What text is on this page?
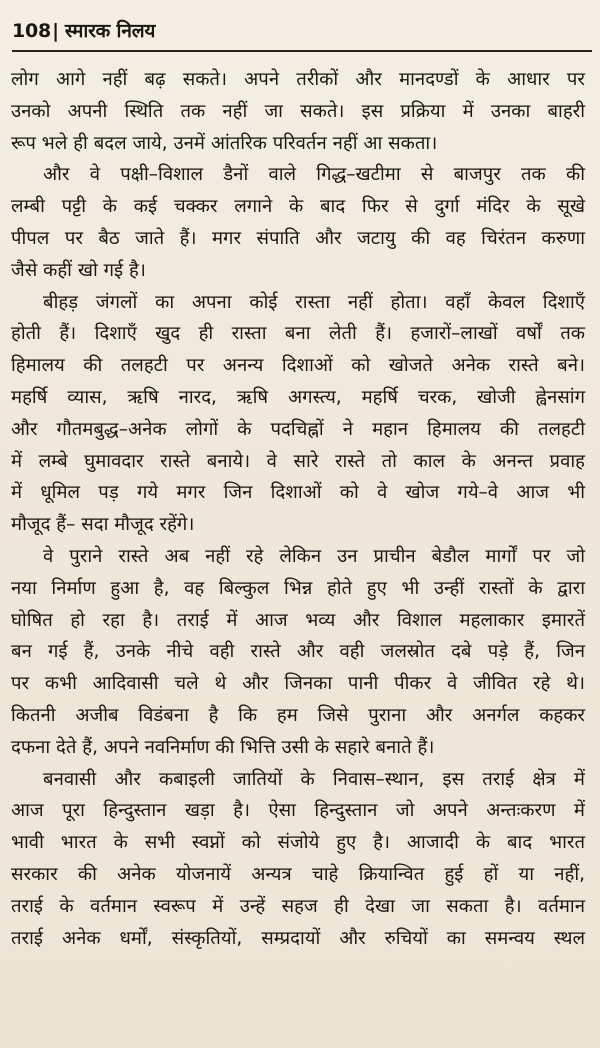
108 | स्मारक निलय
लोग आगे नहीं बढ़ सकते। अपने तरीकों और मानदण्डों के आधार पर
उनको अपनी स्थिति तक नहीं जा सकते। इस प्रक्रिया में उनका बाहरी
रूप भले ही बदल जाये, उनमें आंतरिक परिवर्तन नहीं आ सकता।
और वे पक्षी–विशाल डैनों वाले गिद्ध–खटीमा से बाजपुर तक की
लम्बी पट्टी के कई चक्कर लगाने के बाद फिर से दुर्गा मंदिर के सूखे
पीपल पर बैठ जाते हैं। मगर संपाति और जटायु की वह चिरंतन करुणा
जैसे कहीं खो गई है।
बीहड़ जंगलों का अपना कोई रास्ता नहीं होता। वहाँ केवल दिशाएँ
होती हैं। दिशाएँ खुद ही रास्ता बना लेती हैं। हजारों–लाखों वर्षों तक
हिमालय की तलहटी पर अनन्य दिशाओं को खोजते अनेक रास्ते बने।
महर्षि व्यास, ऋषि नारद, ऋषि अगस्त्य, महर्षि चरक, खोजी ह्वेनसांग
और गौतमबुद्ध–अनेक लोगों के पदचिह्नों ने महान हिमालय की तलहटी
में लम्बे घुमावदार रास्ते बनाये। वे सारे रास्ते तो काल के अनन्त प्रवाह
में धूमिल पड़ गये मगर जिन दिशाओं को वे खोज गये–वे आज भी
मौजूद हैं– सदा मौजूद रहेंगे।
वे पुराने रास्ते अब नहीं रहे लेकिन उन प्राचीन बेडौल मार्गों पर जो
नया निर्माण हुआ है, वह बिल्कुल भिन्न होते हुए भी उन्हीं रास्तों के द्वारा
घोषित हो रहा है। तराई में आज भव्य और विशाल महलाकार इमारतें
बन गई हैं, उनके नीचे वही रास्ते और वही जलस्रोत दबे पड़े हैं, जिन
पर कभी आदिवासी चले थे और जिनका पानी पीकर वे जीवित रहे थे।
कितनी अजीब विडंबना है कि हम जिसे पुराना और अनर्गल कहकर
दफना देते हैं, अपने नवनिर्माण की भित्ति उसी के सहारे बनाते हैं।
बनवासी और कबाइली जातियों के निवास–स्थान, इस तराई क्षेत्र में
आज पूरा हिन्दुस्तान खड़ा है। ऐसा हिन्दुस्तान जो अपने अन्तःकरण में
भावी भारत के सभी स्वप्नों को संजोये हुए है। आजादी के बाद भारत
सरकार की अनेक योजनायें अन्यत्र चाहे क्रियान्वित हुई हों या नहीं,
तराई के वर्तमान स्वरूप में उन्हें सहज ही देखा जा सकता है। वर्तमान
तराई अनेक धर्मों, संस्कृतियों, सम्प्रदायों और रुचियों का समन्वय स्थल
